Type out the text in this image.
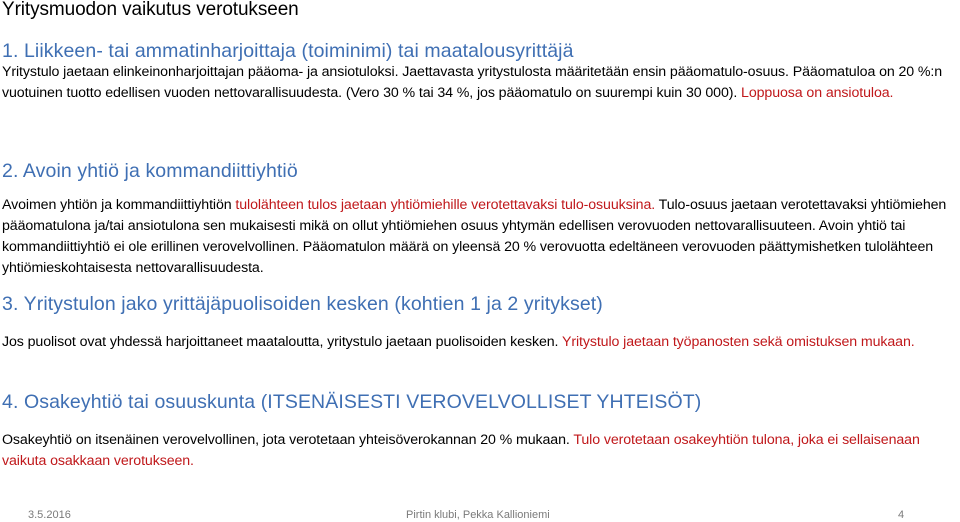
Yritysmuodon vaikutus verotukseen
1. Liikkeen- tai ammatinharjoittaja (toiminimi) tai maatalousyrittäjä
Yritystulo jaetaan elinkeinonharjoittajan pääoma- ja ansiotuloksi. Jaettavasta yritystulosta määritetään ensin pääomatulo-osuus. Pääomatuloa on 20 %:n vuotuinen tuotto edellisen vuoden nettovarallisuudesta. (Vero 30 % tai 34 %, jos pääomatulo on suurempi kuin 30 000). Loppuosa on ansiotuloa.
2. Avoin yhtiö ja kommandiittiyhtiö
Avoimen yhtiön ja kommandiittiyhtiön tulolähteen tulos jaetaan yhtiömiehille verotettavaksi tulo-osuuksina. Tulo-osuus jaetaan verotettavaksi yhtiömiehen pääomatulona ja/tai ansiotulona sen mukaisesti mikä on ollut yhtiömiehen osuus yhtymän edellisen verovuoden nettovarallisuuteen. Avoin yhtiö tai kommandiittiyhtiö ei ole erillinen verovelvollinen. Pääomatulon määrä on yleensä 20 % verovuotta edeltäneen verovuoden päättymishetken tulolähteen yhtiömieskohtaisesta nettovarallisuudesta.
3. Yritystulon jako yrittäjäpuolisoiden kesken (kohtien 1 ja 2 yritykset)
Jos puolisot ovat yhdessä harjoittaneet maataloutta, yritystulo jaetaan puolisoiden kesken. Yritystulo jaetaan työpanosten sekä omistuksen mukaan.
4. Osakeyhtiö tai osuuskunta (ITSENÄISESTI VEROVELVOLLISET YHTEISÖT)
Osakeyhtiö on itsenäinen verovelvollinen, jota verotetaan yhteisöverokannan 20 % mukaan. Tulo verotetaan osakeyhtiön tulona, joka ei sellaisenaan vaikuta osakkaan verotukseen.
3.5.2016	Pirtin klubi, Pekka Kallioniemi	4
